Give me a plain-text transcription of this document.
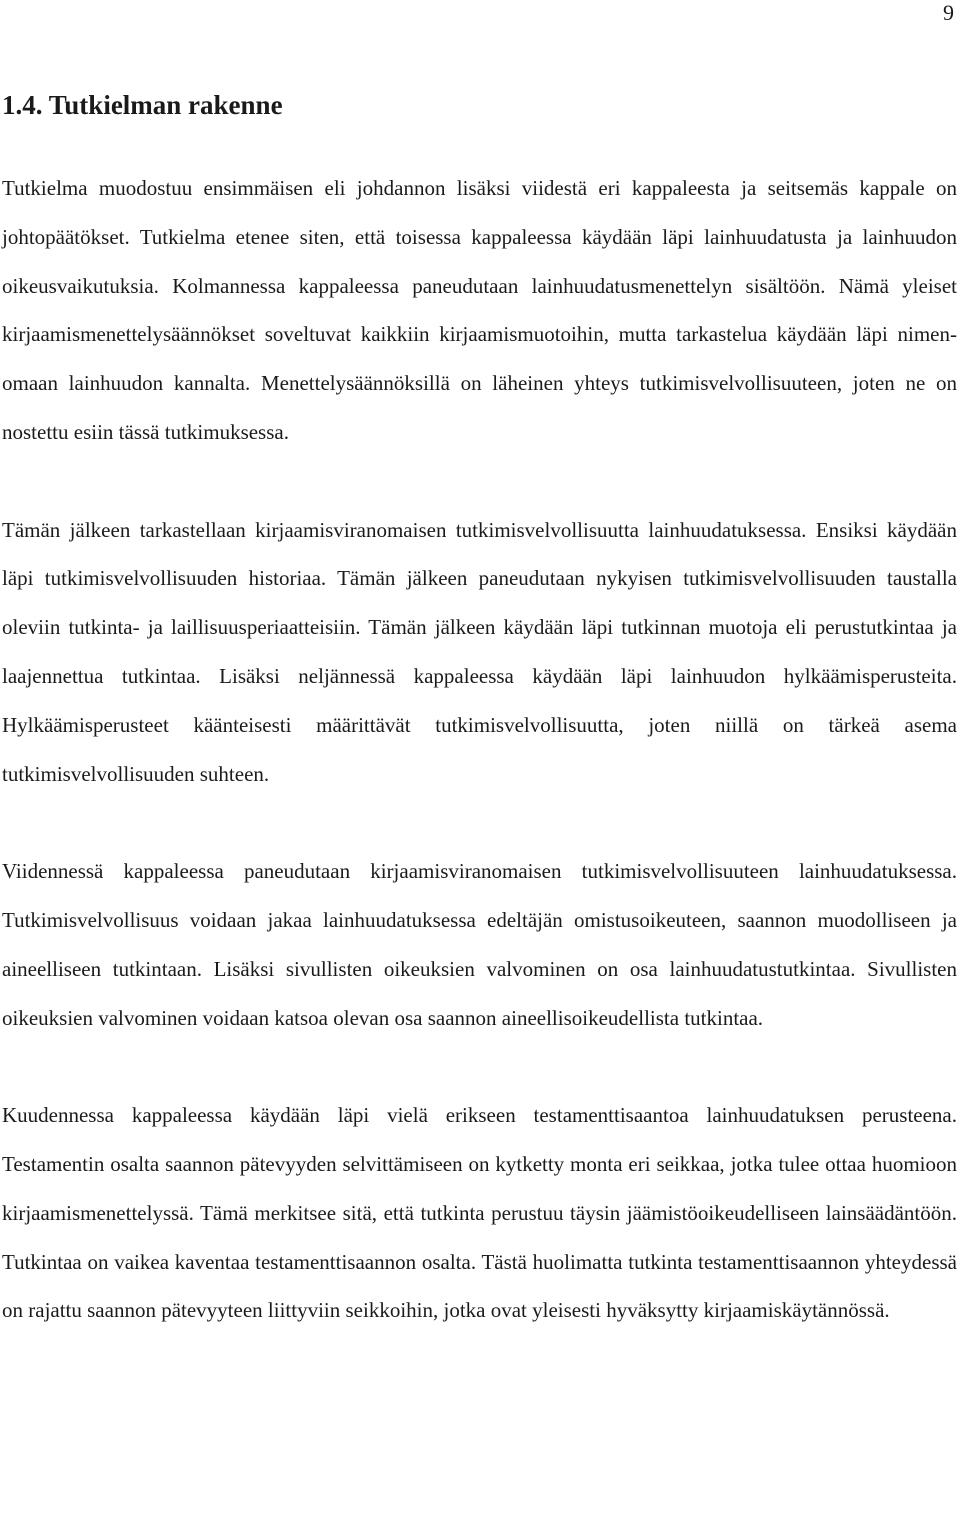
9
1.4. Tutkielman rakenne

Tutkielma muodostuu ensimmäisen eli johdannon lisäksi viidestä eri kappaleesta ja seitsemäs kappale on johtopäätökset. Tutkielma etenee siten, että toisessa kappaleessa käydään läpi lainhuudatusta ja lainhuudon oikeusvaikutuksia. Kolmannessa kappaleessa paneudutaan lainhuudatusmenettelyn sisältöön. Nämä yleiset kirjaamismenettelysäännökset soveltuvat kaikkiin kirjaamismuotoihin, mutta tarkastelua käydään läpi nimenomaan lainhuudon kannalta. Menettelysäännöksillä on läheinen yhteys tutkimisvelvollisuuteen, joten ne on nostettu esiin tässä tutkimuksessa.

Tämän jälkeen tarkastellaan kirjaamisviranomaisen tutkimisvelvollisuutta lainhuudatuksessa. Ensiksi käydään läpi tutkimisvelvollisuuden historiaa. Tämän jälkeen paneudutaan nykyisen tutkimisvelvollisuuden taustalla oleviin tutkinta- ja laillisuusperiaatteisiin. Tämän jälkeen käydään läpi tutkinnan muotoja eli perustutkintaa ja laajennettua tutkintaa. Lisäksi neljännessä kappaleessa käydään läpi lainhuudon hylkäämisperusteita. Hylkäämisperusteet käänteisesti määrittävät tutkimisvelvollisuutta, joten niillä on tärkeä asema tutkimisvelvollisuuden suhteen.

Viidennessä kappaleessa paneudutaan kirjaamisviranomaisen tutkimisvelvollisuuteen lainhuudatuksessa. Tutkimisvelvollisuus voidaan jakaa lainhuudatuksessa edeltäjän omistusoikeuteen, saannon muodolliseen ja aineelliseen tutkintaan. Lisäksi sivullisten oikeuksien valvominen on osa lainhuudatustutkintaa. Sivullisten oikeuksien valvominen voidaan katsoa olevan osa saannon aineellisoikeudellista tutkintaa.

Kuudennessa kappaleessa käydään läpi vielä erikseen testamenttisaantoa lainhuudatuksen perusteena. Testamentin osalta saannon pätevyyden selvittämiseen on kytketty monta eri seikkaa, jotka tulee ottaa huomioon kirjaamismenettelyssä. Tämä merkitsee sitä, että tutkinta perustuu täysin jäämistöoikeudelliseen lainsäädäntöön. Tutkintaa on vaikea kaventaa testamenttisaannon osalta. Tästä huolimatta tutkinta testamenttisaannon yhteydessä on rajattu saannon pätevyyteen liittyviin seikkoihin, jotka ovat yleisesti hyväksytty kirjaamiskäytännössä.
